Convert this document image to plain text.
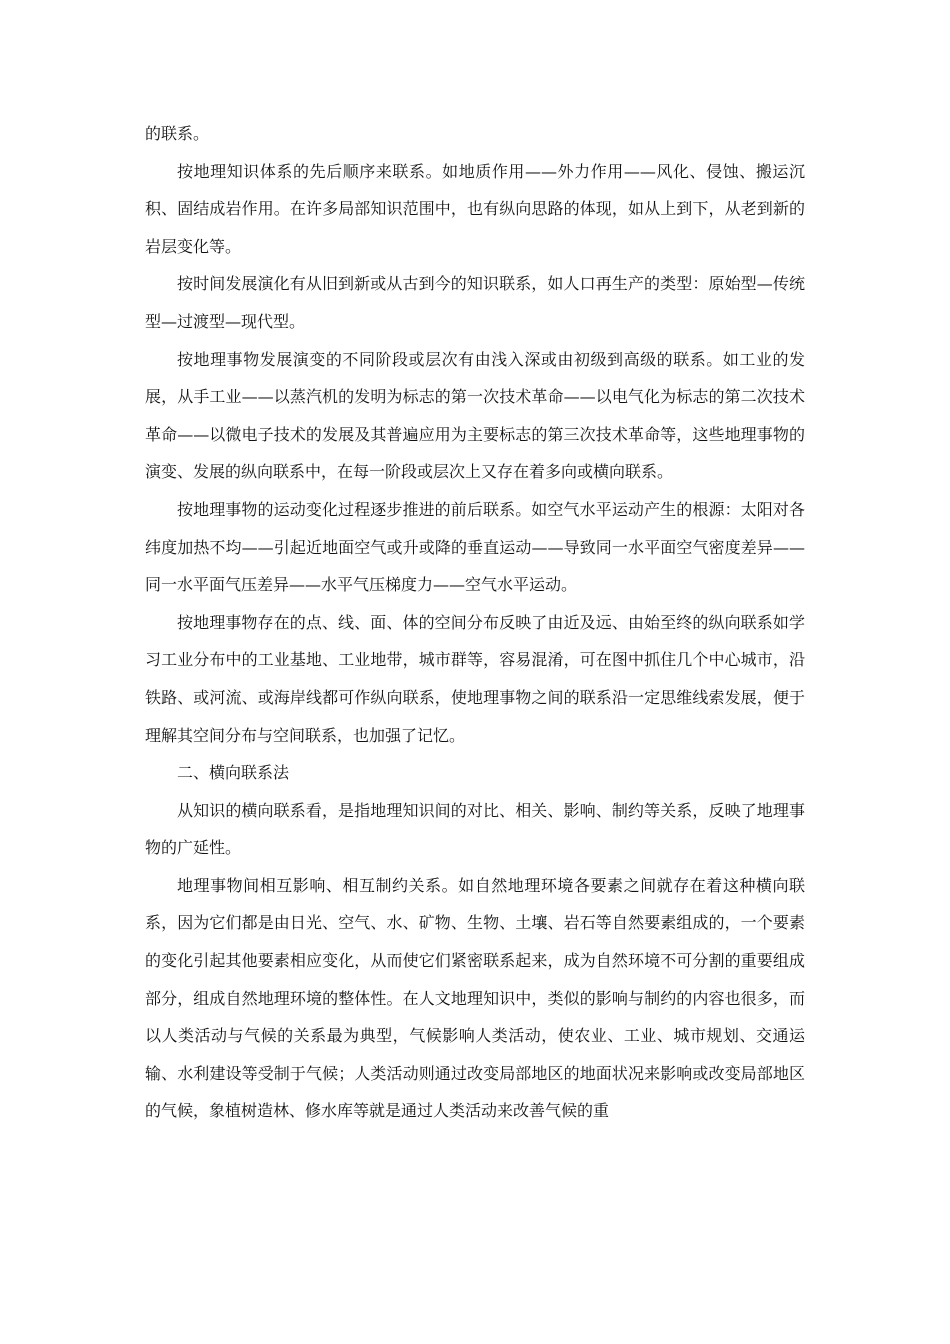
的联系。

按地理知识体系的先后顺序来联系。如地质作用——外力作用——风化、侵蚀、搬运沉积、固结成岩作用。在许多局部知识范围中，也有纵向思路的体现，如从上到下，从老到新的岩层变化等。

按时间发展演化有从旧到新或从古到今的知识联系，如人口再生产的类型：原始型—传统型—过渡型—现代型。

按地理事物发展演变的不同阶段或层次有由浅入深或由初级到高级的联系。如工业的发展，从手工业——以蒸汽机的发明为标志的第一次技术革命——以电气化为标志的第二次技术革命——以微电子技术的发展及其普遍应用为主要标志的第三次技术革命等，这些地理事物的演变、发展的纵向联系中，在每一阶段或层次上又存在着多向或横向联系。

按地理事物的运动变化过程逐步推进的前后联系。如空气水平运动产生的根源：太阳对各纬度加热不均——引起近地面空气或升或降的垂直运动——导致同一水平面空气密度差异——同一水平面气压差异——水平气压梯度力——空气水平运动。

按地理事物存在的点、线、面、体的空间分布反映了由近及远、由始至终的纵向联系如学习工业分布中的工业基地、工业地带，城市群等，容易混淆，可在图中抓住几个中心城市，沿铁路、或河流、或海岸线都可作纵向联系，使地理事物之间的联系沿一定思维线索发展，便于理解其空间分布与空间联系，也加强了记忆。

二、横向联系法

从知识的横向联系看，是指地理知识间的对比、相关、影响、制约等关系，反映了地理事物的广延性。

地理事物间相互影响、相互制约关系。如自然地理环境各要素之间就存在着这种横向联系，因为它们都是由日光、空气、水、矿物、生物、土壤、岩石等自然要素组成的，一个要素的变化引起其他要素相应变化，从而使它们紧密联系起来，成为自然环境不可分割的重要组成部分，组成自然地理环境的整体性。在人文地理知识中，类似的影响与制约的内容也很多，而以人类活动与气候的关系最为典型，气候影响人类活动，使农业、工业、城市规划、交通运输、水利建设等受制于气候；人类活动则通过改变局部地区的地面状况来影响或改变局部地区的气候，象植树造林、修水库等就是通过人类活动来改善气候的重
